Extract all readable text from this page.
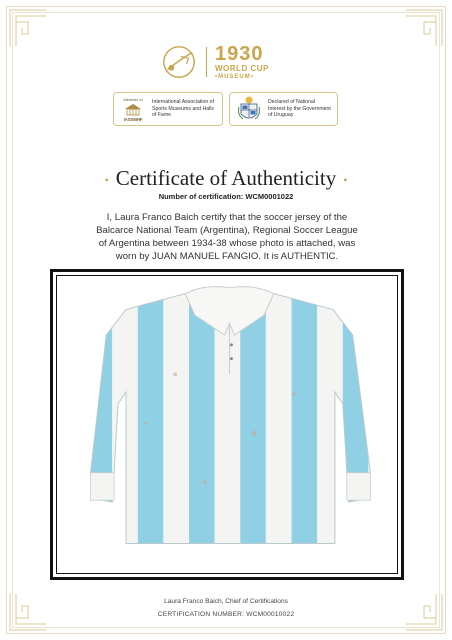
1930
WORLD CUP
•MUSEUM•
Member of
IASSMHF
International Association of Sports Museums and Halls of Fame
Declared of National Interest by the Government of Uruguay
• Certificate of Authenticity •
Number of certification: WCM0001022
I, Laura Franco Baich certify that the soccer jersey of the Balcarce National Team (Argentina), Regional Soccer League of Argentina between 1934-38 whose photo is attached, was worn by JUAN MANUEL FANGIO. It is AUTHENTIC.
Laura Franco Baich, Chief of Certifications
CERTIFICATION NUMBER: WCM00010022
